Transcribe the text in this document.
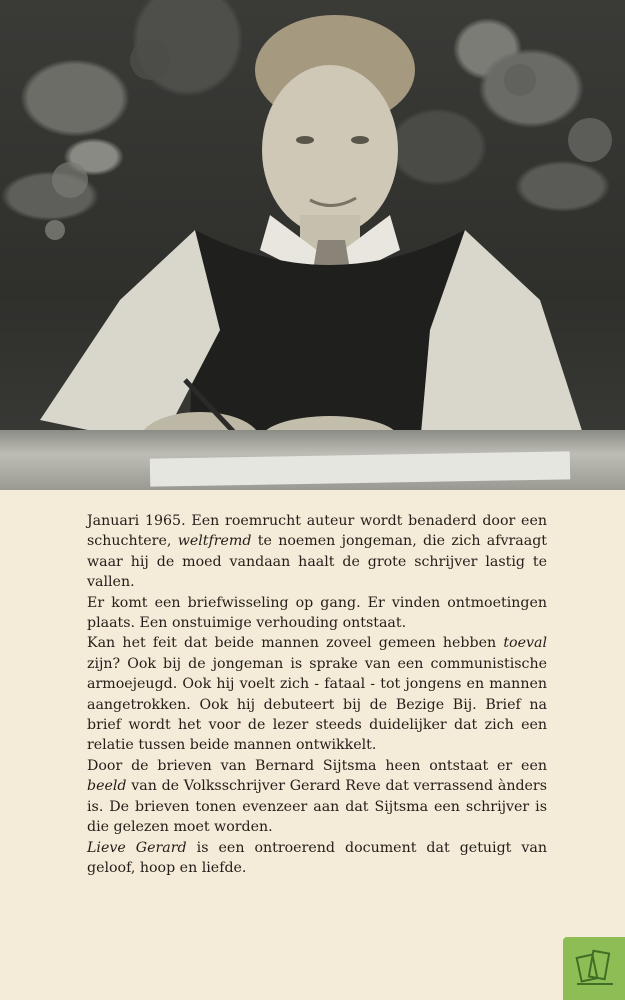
Januari 1965. Een roemrucht auteur wordt benaderd door een schuchtere, weltfremd te noemen jongeman, die zich afvraagt waar hij de moed vandaan haalt de grote schrijver lastig te vallen.

Er komt een briefwisseling op gang. Er vinden ontmoetingen plaats. Een onstuimige verhouding ontstaat.

Kan het feit dat beide mannen zoveel gemeen hebben toeval zijn? Ook bij de jongeman is sprake van een communistische armoejeugd. Ook hij voelt zich - fataal - tot jongens en mannen aangetrokken. Ook hij debuteert bij de Bezige Bij. Brief na brief wordt het voor de lezer steeds duidelijker dat zich een relatie tussen beide mannen ontwikkelt.

Door de brieven van Bernard Sijtsma heen ontstaat er een beeld van de Volksschrijver Gerard Reve dat verrassend ànders is. De brieven tonen evenzeer aan dat Sijtsma een schrijver is die gelezen moet worden.

Lieve Gerard is een ontroerend document dat getuigt van geloof, hoop en liefde.
